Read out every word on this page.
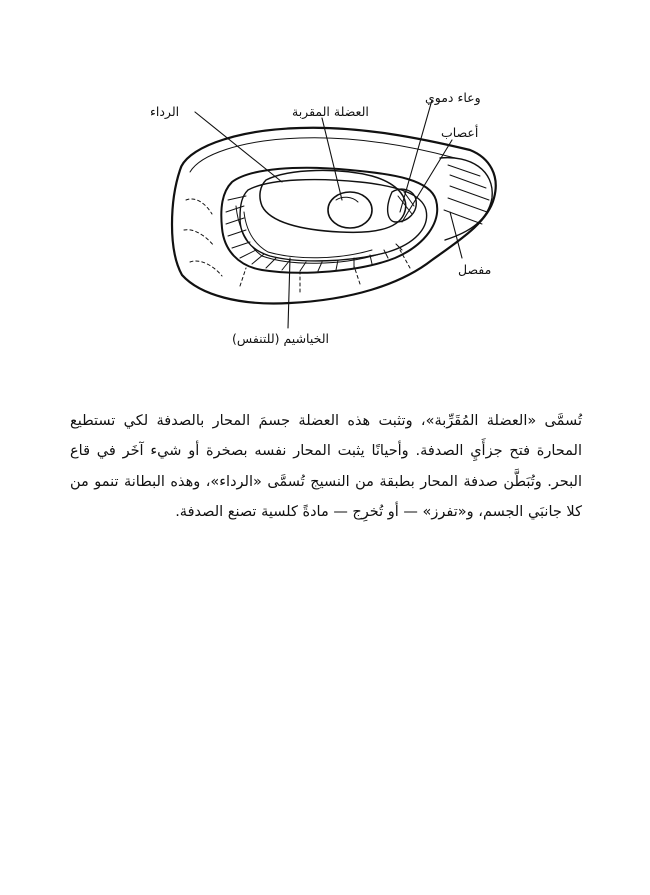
الرداء	العضلة المقربة
وعاء دموي
أعصاب
مفصل
الخياشيم (للتنفس)

تُسمَّى «العضلة المُقَرِّبة»، وتثبت هذه العضلة جسمَ المحار بالصدفة لكي تستطيع المحارة فتح جزأَيِ الصدفة. وأحيانًا يثبت المحار نفسه بصخرة أو شيء آخَر في قاع البحر. وتُبَطَّن صدفة المحار بطبقة من النسيج تُسمَّى «الرداء»، وهذه البطانة تنمو من كلا جانبَي الجسم، و«تفرز» — أو تُخرِج — مادةً كلسية تصنع الصدفة.
